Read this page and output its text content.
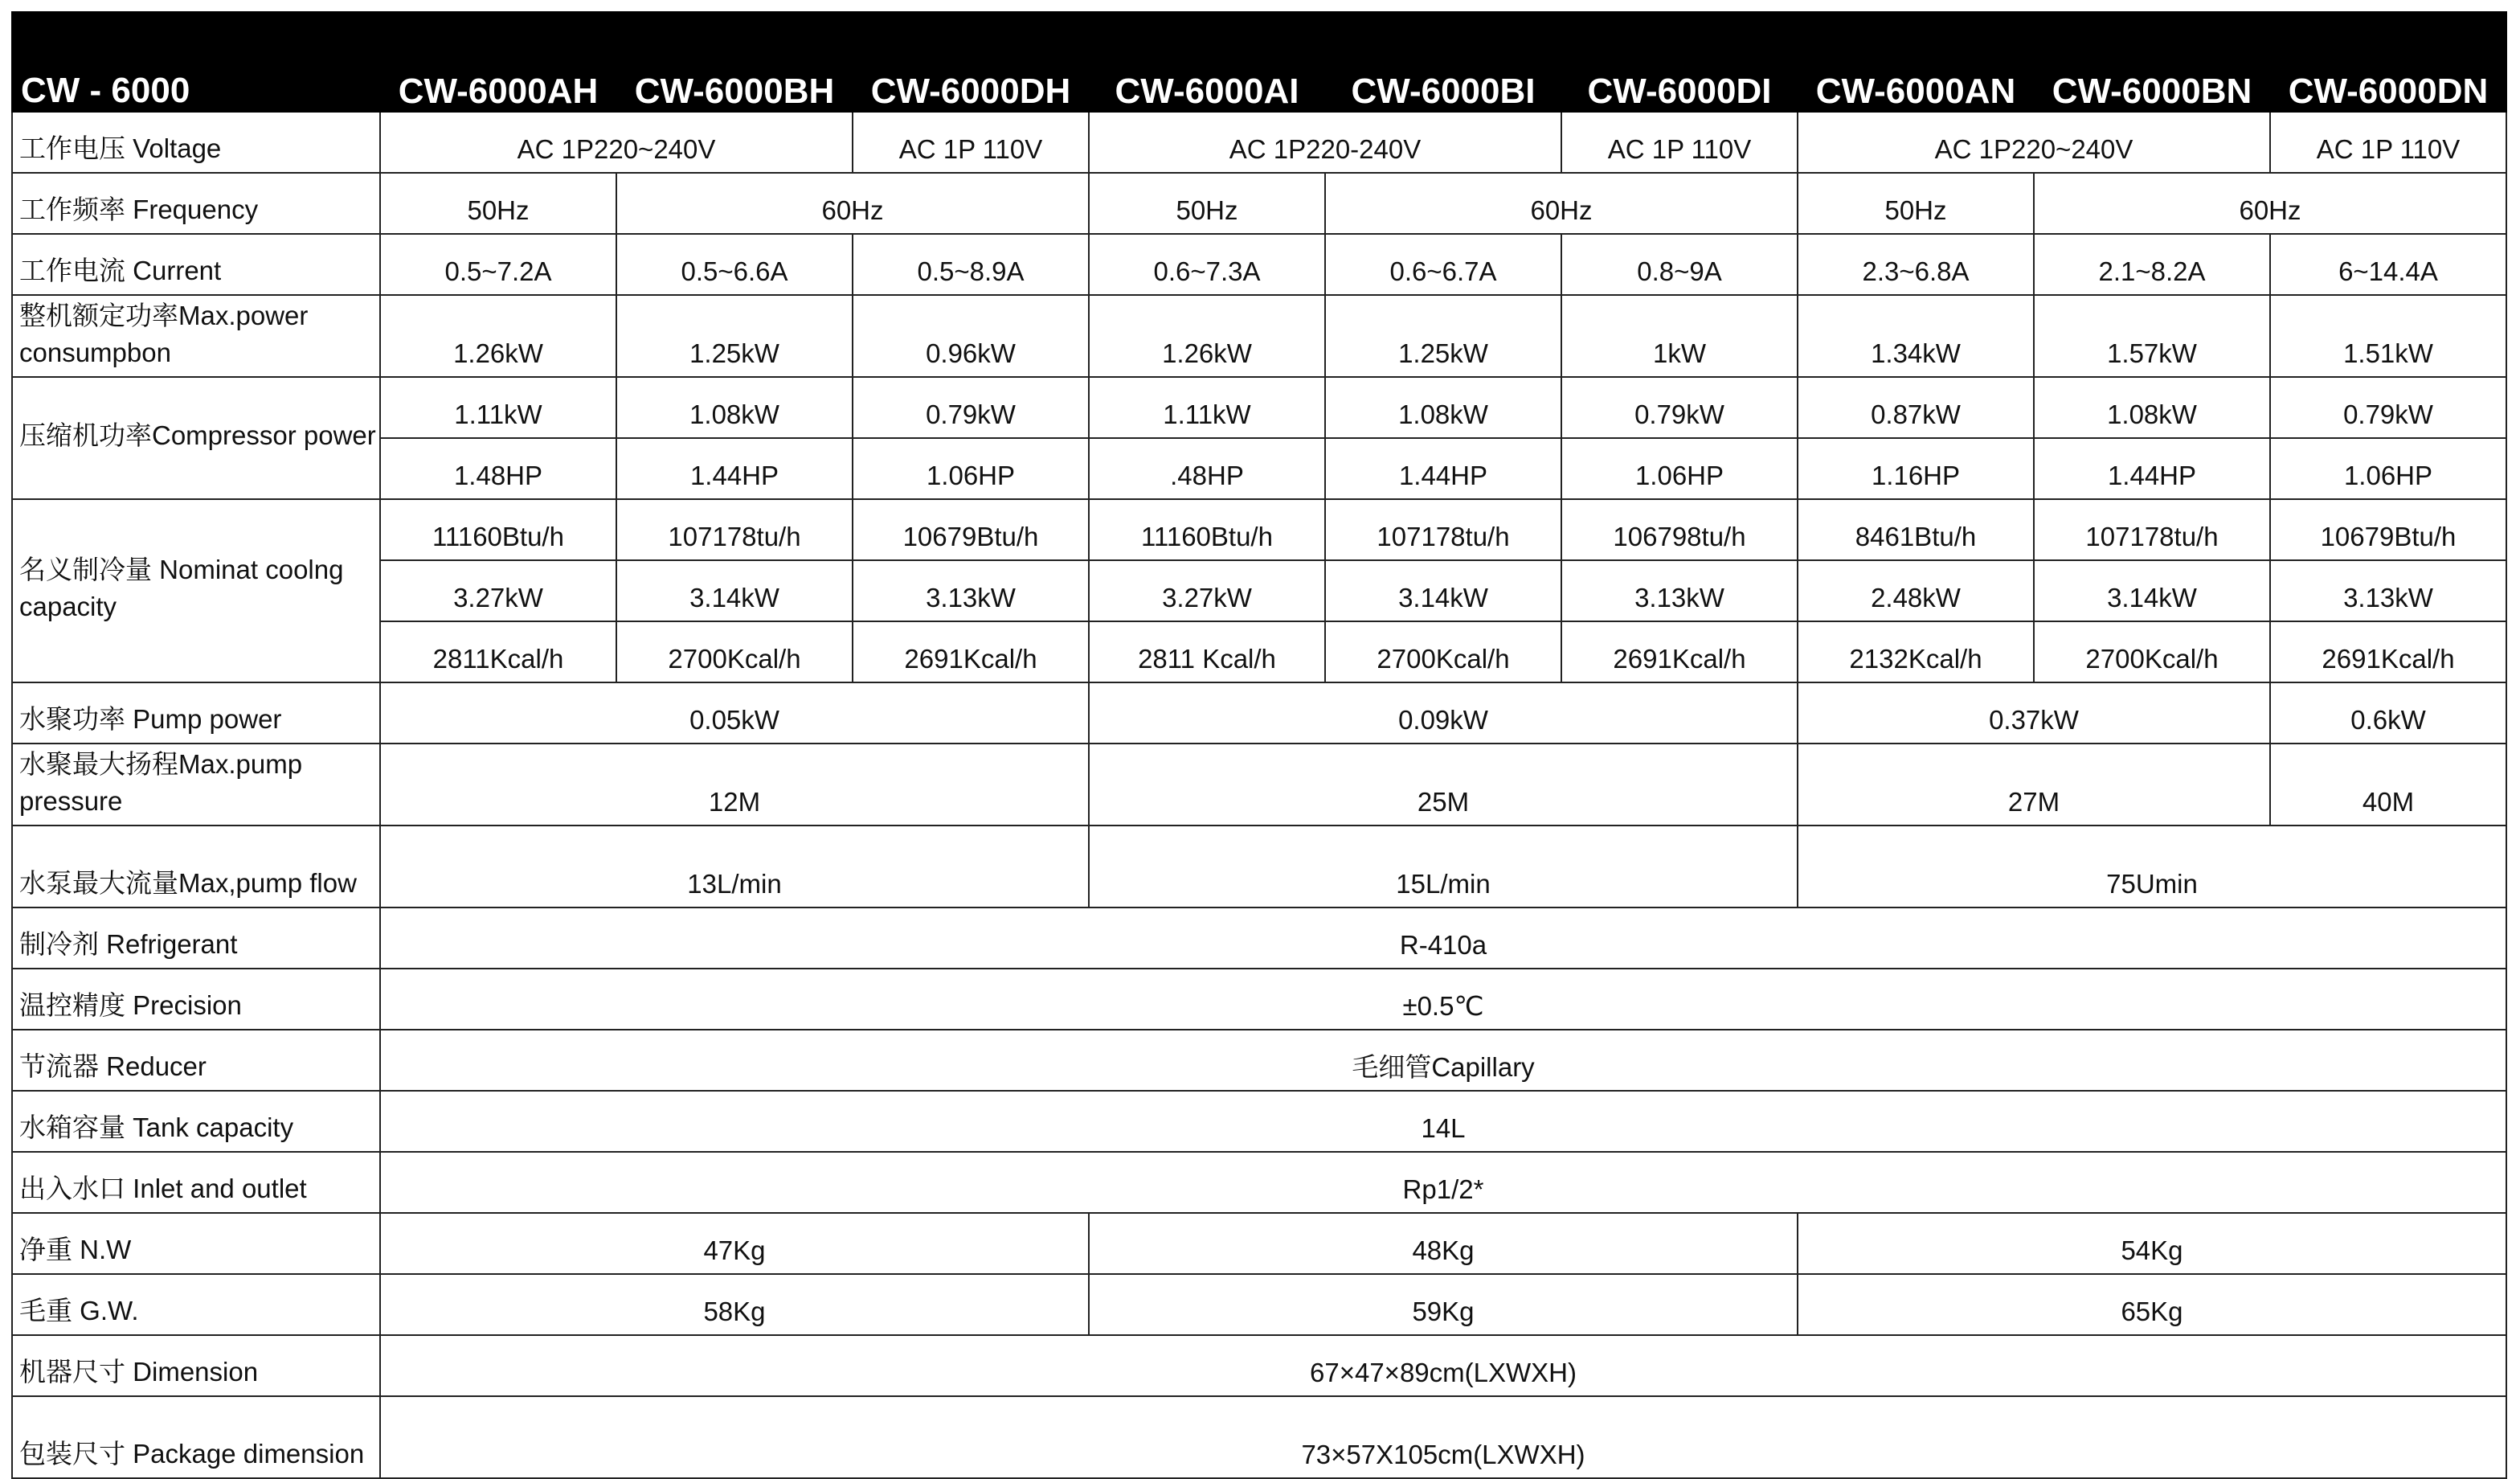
CW - 6000	CW-6000AH	CW-6000BH	CW-6000DH	CW-6000AI	CW-6000BI	CW-6000DI	CW-6000AN	CW-6000BN	CW-6000DN
工作电压 Voltage	AC 1P220~240V		AC 1P 110V	AC 1P220-240V		AC 1P 110V	AC 1P220~240V		AC 1P 110V
工作频率 Frequency	50Hz	60Hz		50Hz	60Hz		50Hz	60Hz	
工作电流 Current	0.5~7.2A	0.5~6.6A	0.5~8.9A	0.6~7.3A	0.6~6.7A	0.8~9A	2.3~6.8A	2.1~8.2A	6~14.4A
整机额定功率Max.power consumpbon	1.26kW	1.25kW	0.96kW	1.26kW	1.25kW	1kW	1.34kW	1.57kW	1.51kW
压缩机功率Compressor power	1.11kW	1.08kW	0.79kW	1.11kW	1.08kW	0.79kW	0.87kW	1.08kW	0.79kW
	1.48HP	1.44HP	1.06HP	.48HP	1.44HP	1.06HP	1.16HP	1.44HP	1.06HP
名义制冷量 Nominat coolng capacity	11160Btu/h	107178tu/h	10679Btu/h	11160Btu/h	107178tu/h	106798tu/h	8461Btu/h	107178tu/h	10679Btu/h
	3.27kW	3.14kW	3.13kW	3.27kW	3.14kW	3.13kW	2.48kW	3.14kW	3.13kW
	2811Kcal/h	2700Kcal/h	2691Kcal/h	2811 Kcal/h	2700Kcal/h	2691Kcal/h	2132Kcal/h	2700Kcal/h	2691Kcal/h
水聚功率 Pump power	0.05kW			0.09kW			0.37kW		0.6kW
水聚最大扬程Max.pump pressure	12M			25M			27M		40M
水泵最大流量Max,pump flow	13L/min			15L/min			75Umin		
制冷剂 Refrigerant	R-410a								
温控精度 Precision	±0.5℃								
节流器 Reducer	毛细管Capillary								
水箱容量 Tank capacity	14L								
出入水口 Inlet and outlet	Rp1/2*								
净重 N.W	47Kg			48Kg			54Kg		
毛重 G.W.	58Kg			59Kg			65Kg		
机器尺寸 Dimension	67×47×89cm(LXWXH)								
包装尺寸 Package dimension	73×57X105cm(LXWXH)								
